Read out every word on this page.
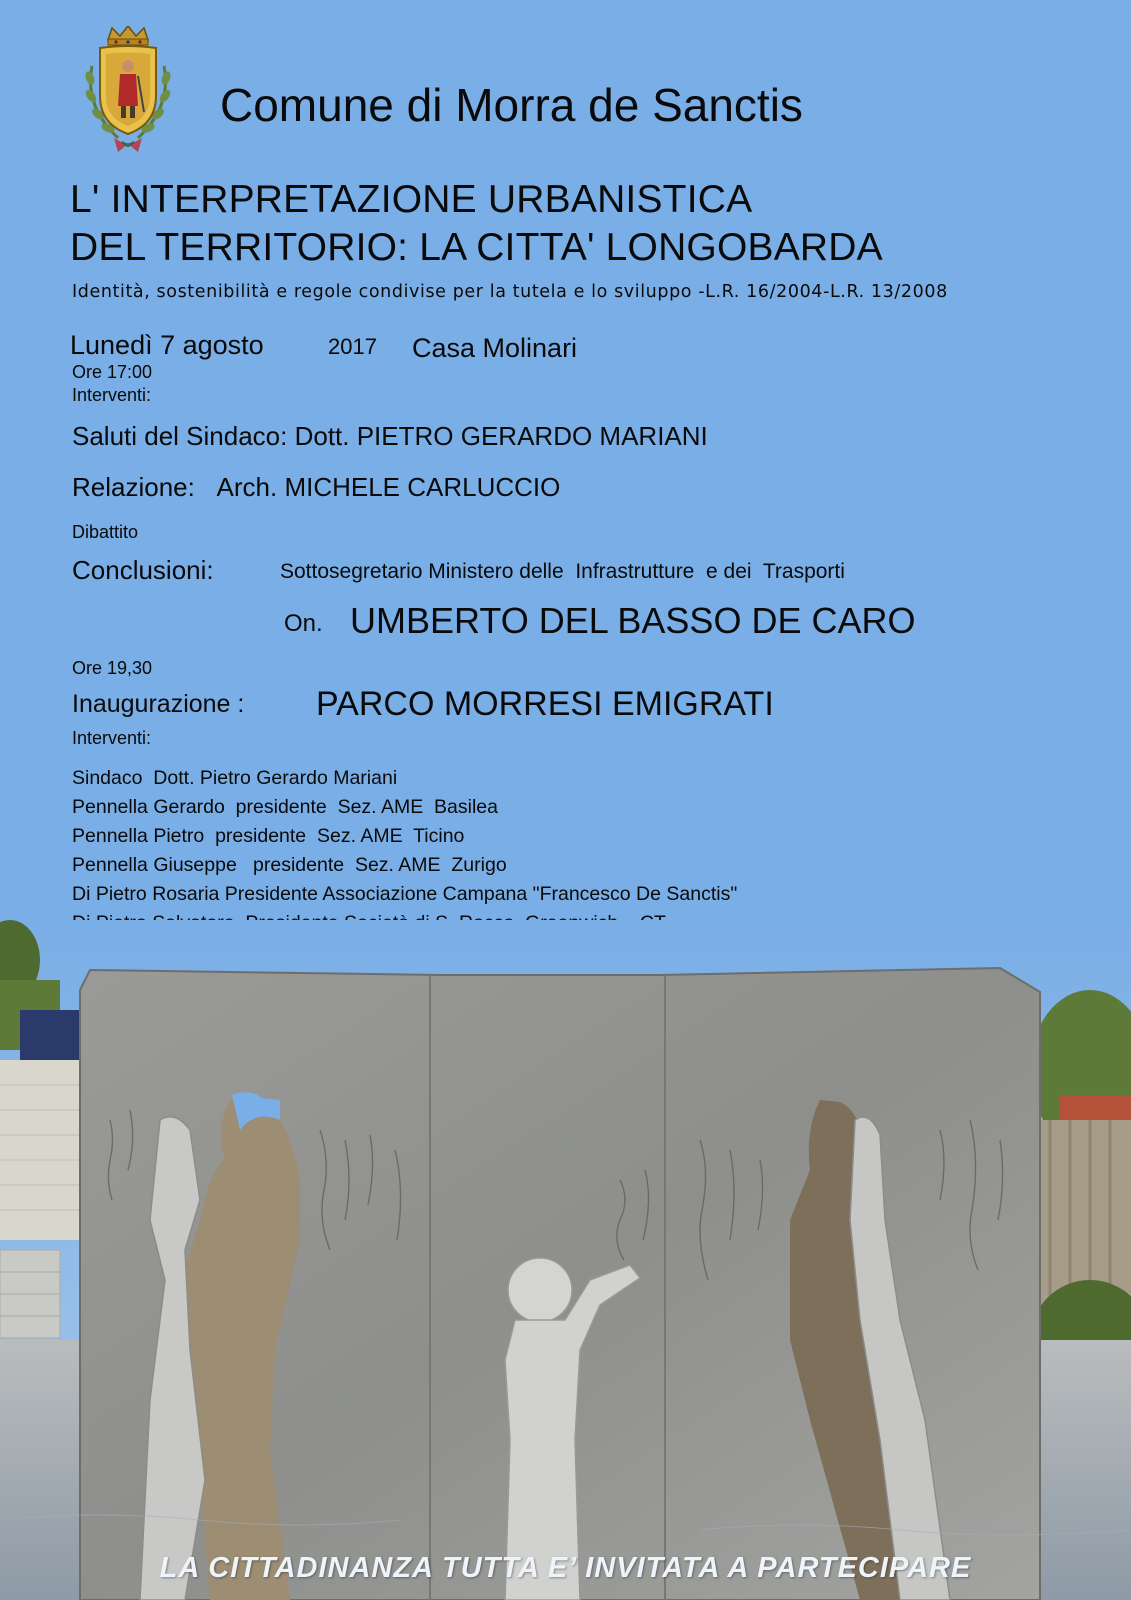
Comune di Morra de Sanctis
L' INTERPRETAZIONE URBANISTICA
DEL TERRITORIO: LA CITTA' LONGOBARDA
Identità, sostenibilità e regole condivise per la tutela e lo sviluppo -L.R. 16/2004-L.R. 13/2008
Lunedì 7 agosto	2017 Casa Molinari
Ore 17:00
Interventi:
Saluti del Sindaco: Dott. PIETRO GERARDO MARIANI
Relazione: Arch. MICHELE CARLUCCIO
Dibattito
Conclusioni:	Sottosegretario Ministero delle  Infrastrutture  e dei  Trasporti
On. UMBERTO DEL BASSO DE CARO
Ore 19,30
Inaugurazione : PARCO MORRESI EMIGRATI
Interventi:
Sindaco  Dott. Pietro Gerardo Mariani
Pennella Gerardo  presidente  Sez. AME  Basilea
Pennella Pietro  presidente  Sez. AME  Ticino
Pennella Giuseppe   presidente  Sez. AME  Zurigo
Di Pietro Rosaria Presidente Associazione Campana "Francesco De Sanctis"
LA CITTADINANZA TUTTA E’ INVITATA A PARTECIPARE
